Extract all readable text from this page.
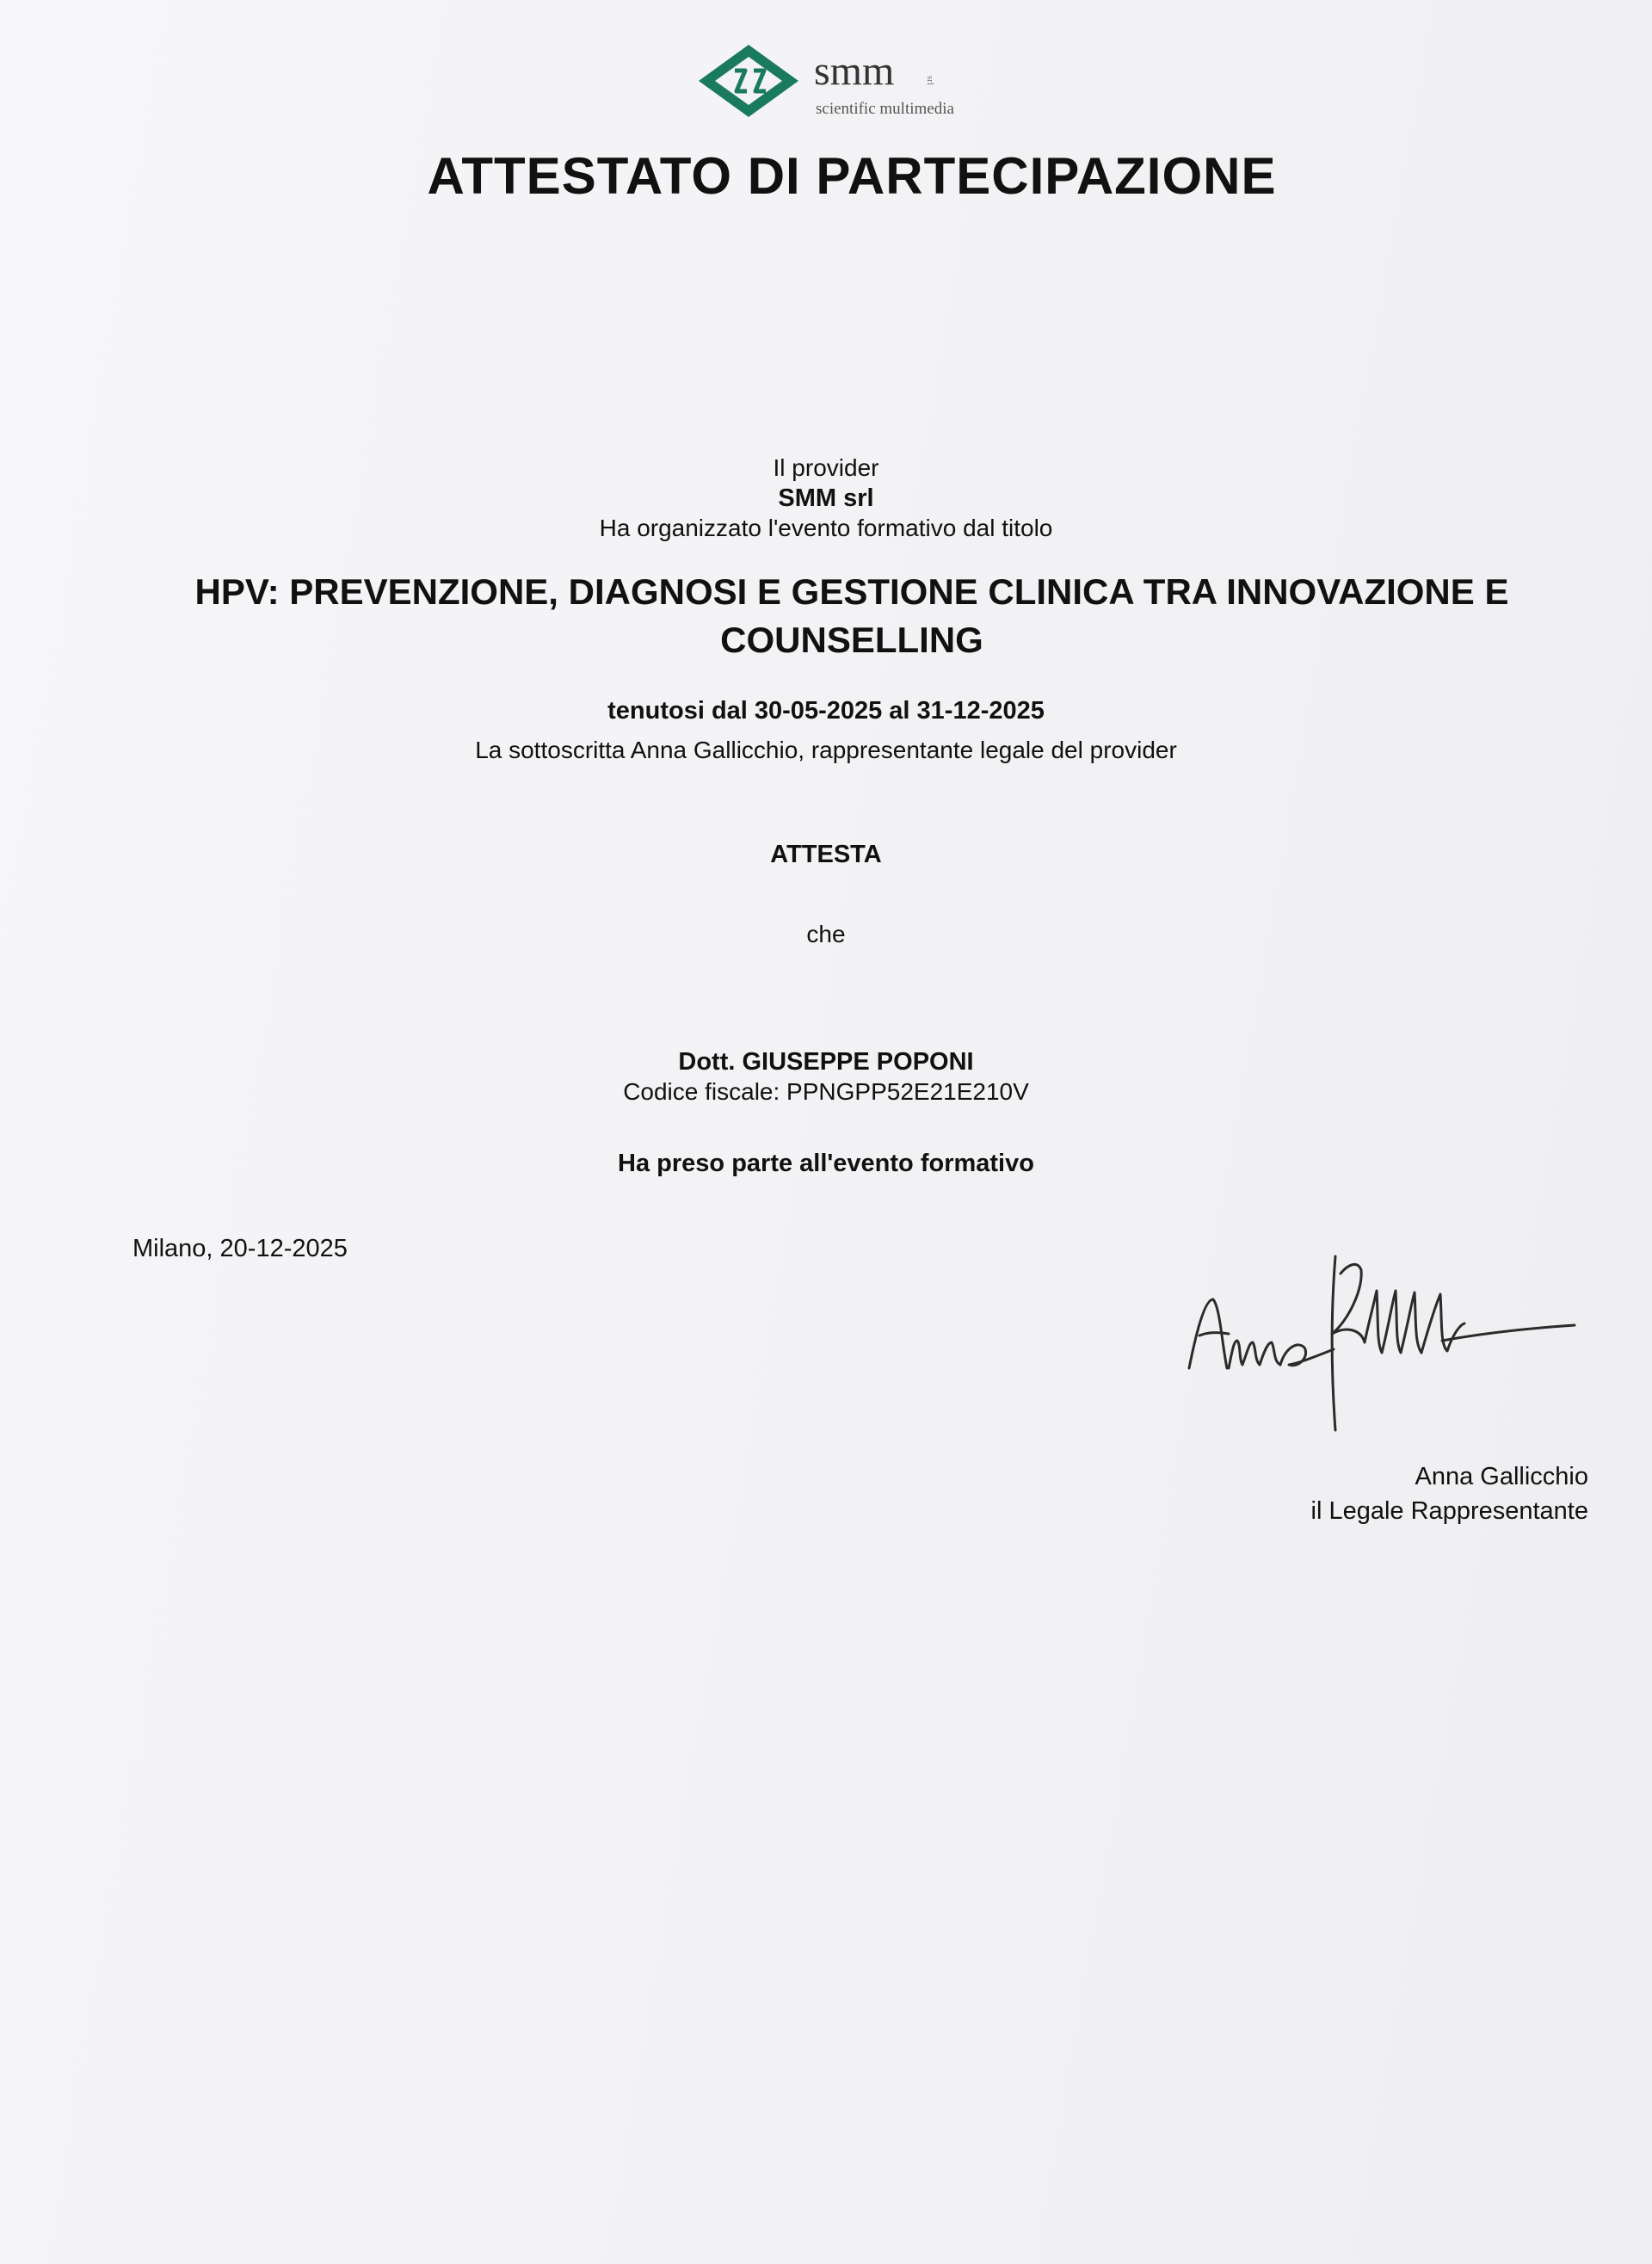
smm	srl
scientific multimedia
ATTESTATO DI PARTECIPAZIONE

Il provider

SMM srl

Ha organizzato l'evento formativo dal titolo

HPV: PREVENZIONE, DIAGNOSI E GESTIONE CLINICA TRA INNOVAZIONE E COUNSELLING

tenutosi dal 30-05-2025 al 31-12-2025

La sottoscritta Anna Gallicchio, rappresentante legale del provider

ATTESTA

che

Dott. GIUSEPPE POPONI

Codice fiscale: PPNGPP52E21E210V

Ha preso parte all'evento formativo

Milano, 20-12-2025

Anna Gallicchio
il Legale Rappresentante
